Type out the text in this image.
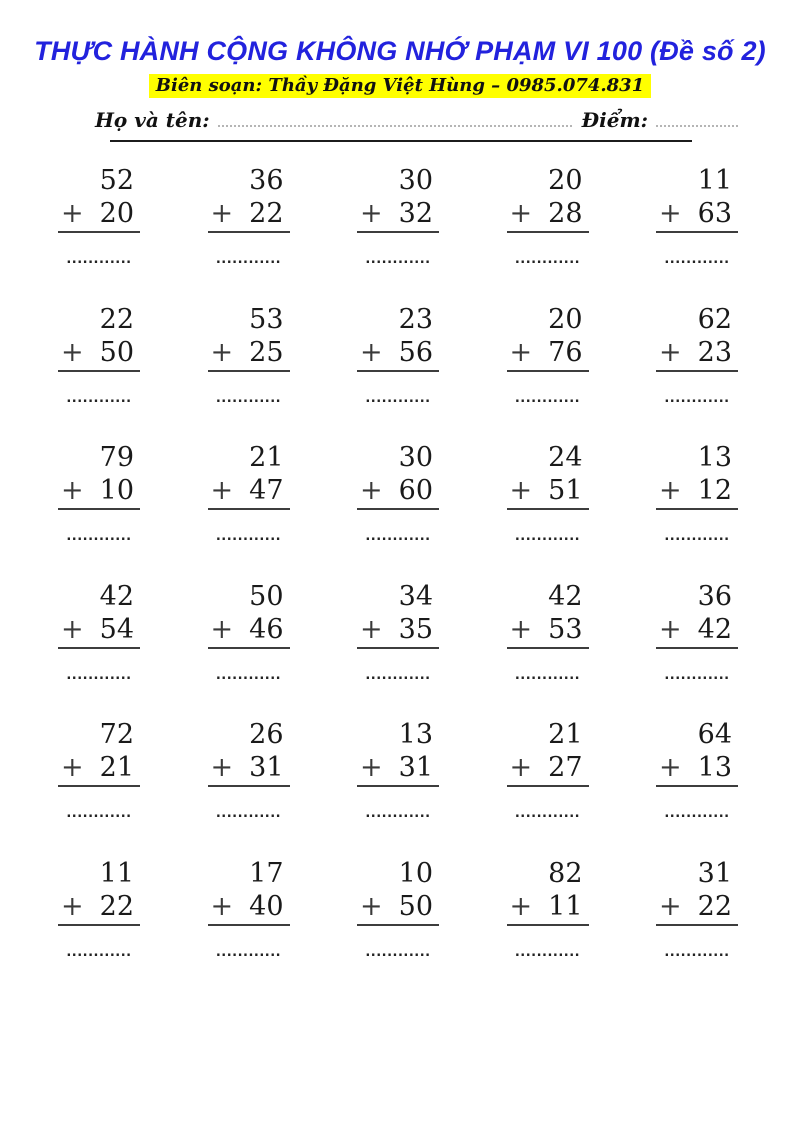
THỰC HÀNH CỘNG KHÔNG NHỚ PHẠM VI 100 (Đề số 2)
Biên soạn: Thầy Đặng Việt Hùng – 0985.074.831
Họ và tên:	Điểm:
52
+ 20
............
36
+ 22
............
30
+ 32
............
20
+ 28
............
11
+ 63
............
22
+ 50
............
53
+ 25
............
23
+ 56
............
20
+ 76
............
62
+ 23
............
79
+ 10
............
21
+ 47
............
30
+ 60
............
24
+ 51
............
13
+ 12
............
42
+ 54
............
50
+ 46
............
34
+ 35
............
42
+ 53
............
36
+ 42
............
72
+ 21
............
26
+ 31
............
13
+ 31
............
21
+ 27
............
64
+ 13
............
11
+ 22
............
17
+ 40
............
10
+ 50
............
82
+ 11
............
31
+ 22
............
